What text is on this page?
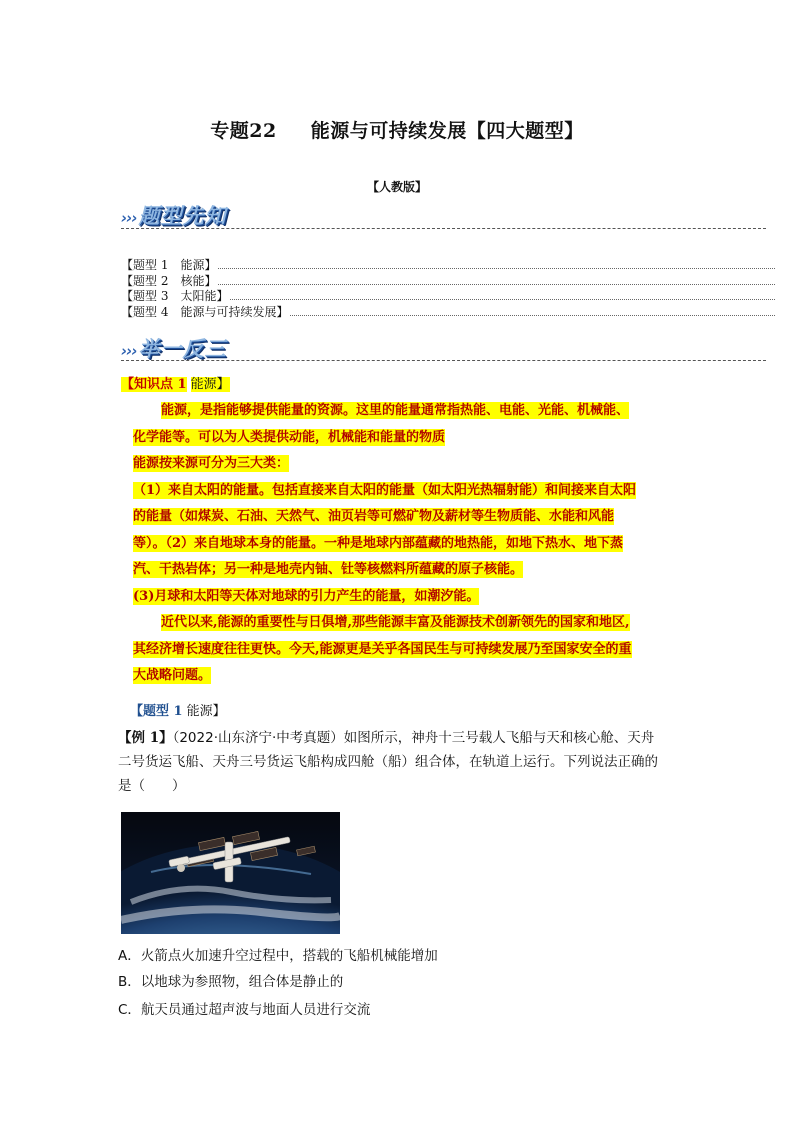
专题22 能源与可持续发展【四大题型】
【人教版】
›››题型先知
【题型 1　能源】
【题型 2　核能】
【题型 3　太阳能】
【题型 4　能源与可持续发展】
›››举一反三
【知识点 1 能源】
能源，是指能够提供能量的资源。这里的能量通常指热能、电能、光能、机械能、
化学能等。可以为人类提供动能，机械能和能量的物质
能源按来源可分为三大类：
（1）来自太阳的能量。包括直接来自太阳的能量（如太阳光热辐射能）和间接来自太阳
的能量（如煤炭、石油、天然气、油页岩等可燃矿物及薪材等生物质能、水能和风能
等）。（2）来自地球本身的能量。一种是地球内部蕴藏的地热能，如地下热水、地下蒸
汽、干热岩体；另一种是地壳内铀、钍等核燃料所蕴藏的原子核能。
(3)月球和太阳等天体对地球的引力产生的能量，如潮汐能。
近代以来,能源的重要性与日俱增,那些能源丰富及能源技术创新领先的国家和地区,
其经济增长速度往往更快。今天,能源更是关乎各国民生与可持续发展乃至国家安全的重
大战略问题。
【题型 1 能源】
【例 1】（2022·山东济宁·中考真题）如图所示，神舟十三号载人飞船与天和核心舱、天舟
二号货运飞船、天舟三号货运飞船构成四舱（船）组合体，在轨道上运行。下列说法正确的
是（　　）
A．火箭点火加速升空过程中，搭载的飞船机械能增加
B．以地球为参照物，组合体是静止的
C．航天员通过超声波与地面人员进行交流
